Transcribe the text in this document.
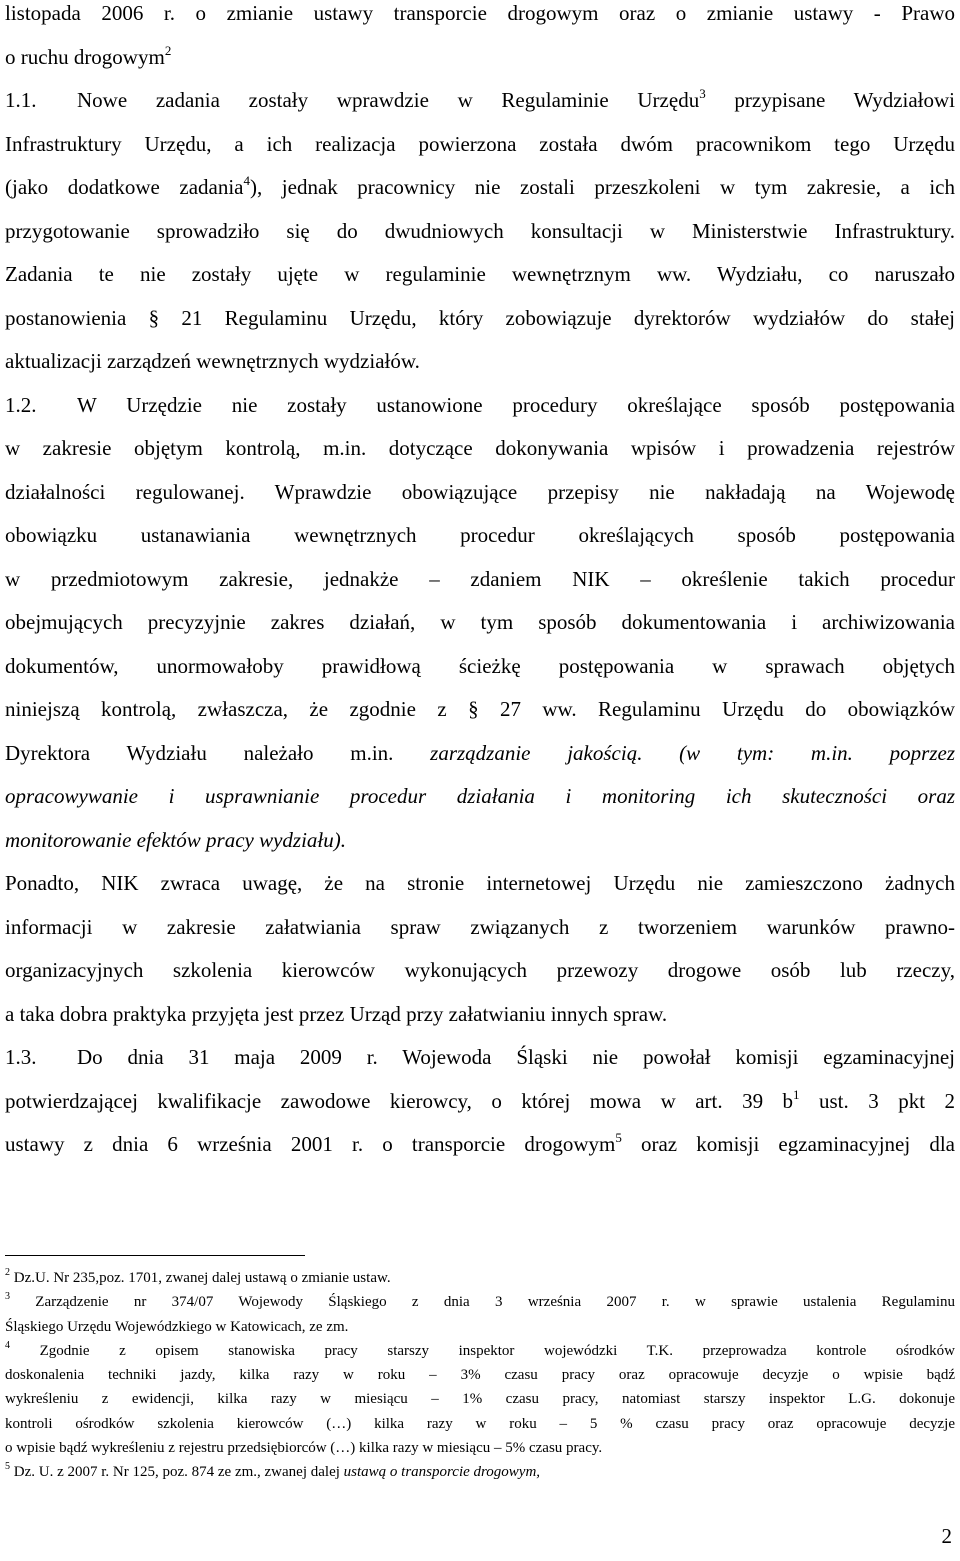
listopada 2006 r. o zmianie ustawy transporcie drogowym oraz o zmianie ustawy - Prawo
o ruchu drogowym$^2$
1.1. Nowe zadania zostały wprawdzie w Regulaminie Urzędu$^3$ przypisane Wydziałowi
Infrastruktury Urzędu, a ich realizacja powierzona została dwóm pracownikom tego Urzędu
(jako dodatkowe zadania$^4$), jednak pracownicy nie zostali przeszkoleni w tym zakresie, a ich
przygotowanie sprowadziło się do dwudniowych konsultacji w Ministerstwie Infrastruktury.
Zadania te nie zostały ujęte w regulaminie wewnętrznym ww. Wydziału, co naruszało
postanowienia § 21 Regulaminu Urzędu, który zobowiązuje dyrektorów wydziałów do stałej
aktualizacji zarządzeń wewnętrznych wydziałów.
1.2. W Urzędzie nie zostały ustanowione procedury określające sposób postępowania
w zakresie objętym kontrolą, m.in. dotyczące dokonywania wpisów i prowadzenia rejestrów
działalności regulowanej. Wprawdzie obowiązujące przepisy nie nakładają na Wojewodę
obowiązku ustanawiania wewnętrznych procedur określających sposób postępowania
w przedmiotowym zakresie, jednakże – zdaniem NIK – określenie takich procedur
obejmujących precyzyjnie zakres działań, w tym sposób dokumentowania i archiwizowania
dokumentów, unormowałoby prawidłową ścieżkę postępowania w sprawach objętych
niniejszą kontrolą, zwłaszcza, że zgodnie z § 27 ww. Regulaminu Urzędu do obowiązków
Dyrektora Wydziału należało m.in. zarządzanie jakością. (w tym: m.in. poprzez
opracowywanie i usprawnianie procedur działania i monitoring ich skuteczności oraz
monitorowanie efektów pracy wydziału).
Ponadto, NIK zwraca uwagę, że na stronie internetowej Urzędu nie zamieszczono żadnych
informacji w zakresie załatwiania spraw związanych z tworzeniem warunków prawno-
organizacyjnych szkolenia kierowców wykonujących przewozy drogowe osób lub rzeczy,
a taka dobra praktyka przyjęta jest przez Urząd przy załatwianiu innych spraw.
1.3. Do dnia 31 maja 2009 r. Wojewoda Śląski nie powołał komisji egzaminacyjnej
potwierdzającej kwalifikacje zawodowe kierowcy, o której mowa w art. 39 $b^1$ ust. 3 pkt 2
ustawy z dnia 6 września 2001 r. o transporcie drogowym$^5$ oraz komisji egzaminacyjnej dla
$^2$ Dz.U. Nr 235,poz. 1701, zwanej dalej ustawą o zmianie ustaw.
$^3$ Zarządzenie nr 374/07 Wojewody Śląskiego z dnia 3 września 2007 r. w sprawie ustalenia Regulaminu
Śląskiego Urzędu Wojewódzkiego w Katowicach, ze zm.
$^4$ Zgodnie z opisem stanowiska pracy starszy inspektor wojewódzki T.K. przeprowadza kontrole ośrodków
doskonalenia techniki jazdy, kilka razy w roku – 3% czasu pracy oraz opracowuje decyzje o wpisie bądź
wykreśleniu z ewidencji, kilka razy w miesiącu – 1% czasu pracy, natomiast starszy inspektor L.G. dokonuje
kontroli ośrodków szkolenia kierowców (…) kilka razy w roku – 5 % czasu pracy oraz opracowuje decyzje
o wpisie bądź wykreśleniu z rejestru przedsiębiorców (…) kilka razy w miesiącu – 5% czasu pracy.
$^5$ Dz. U. z 2007 r. Nr 125, poz. 874 ze zm., zwanej dalej ustawą o transporcie drogowym,
2
